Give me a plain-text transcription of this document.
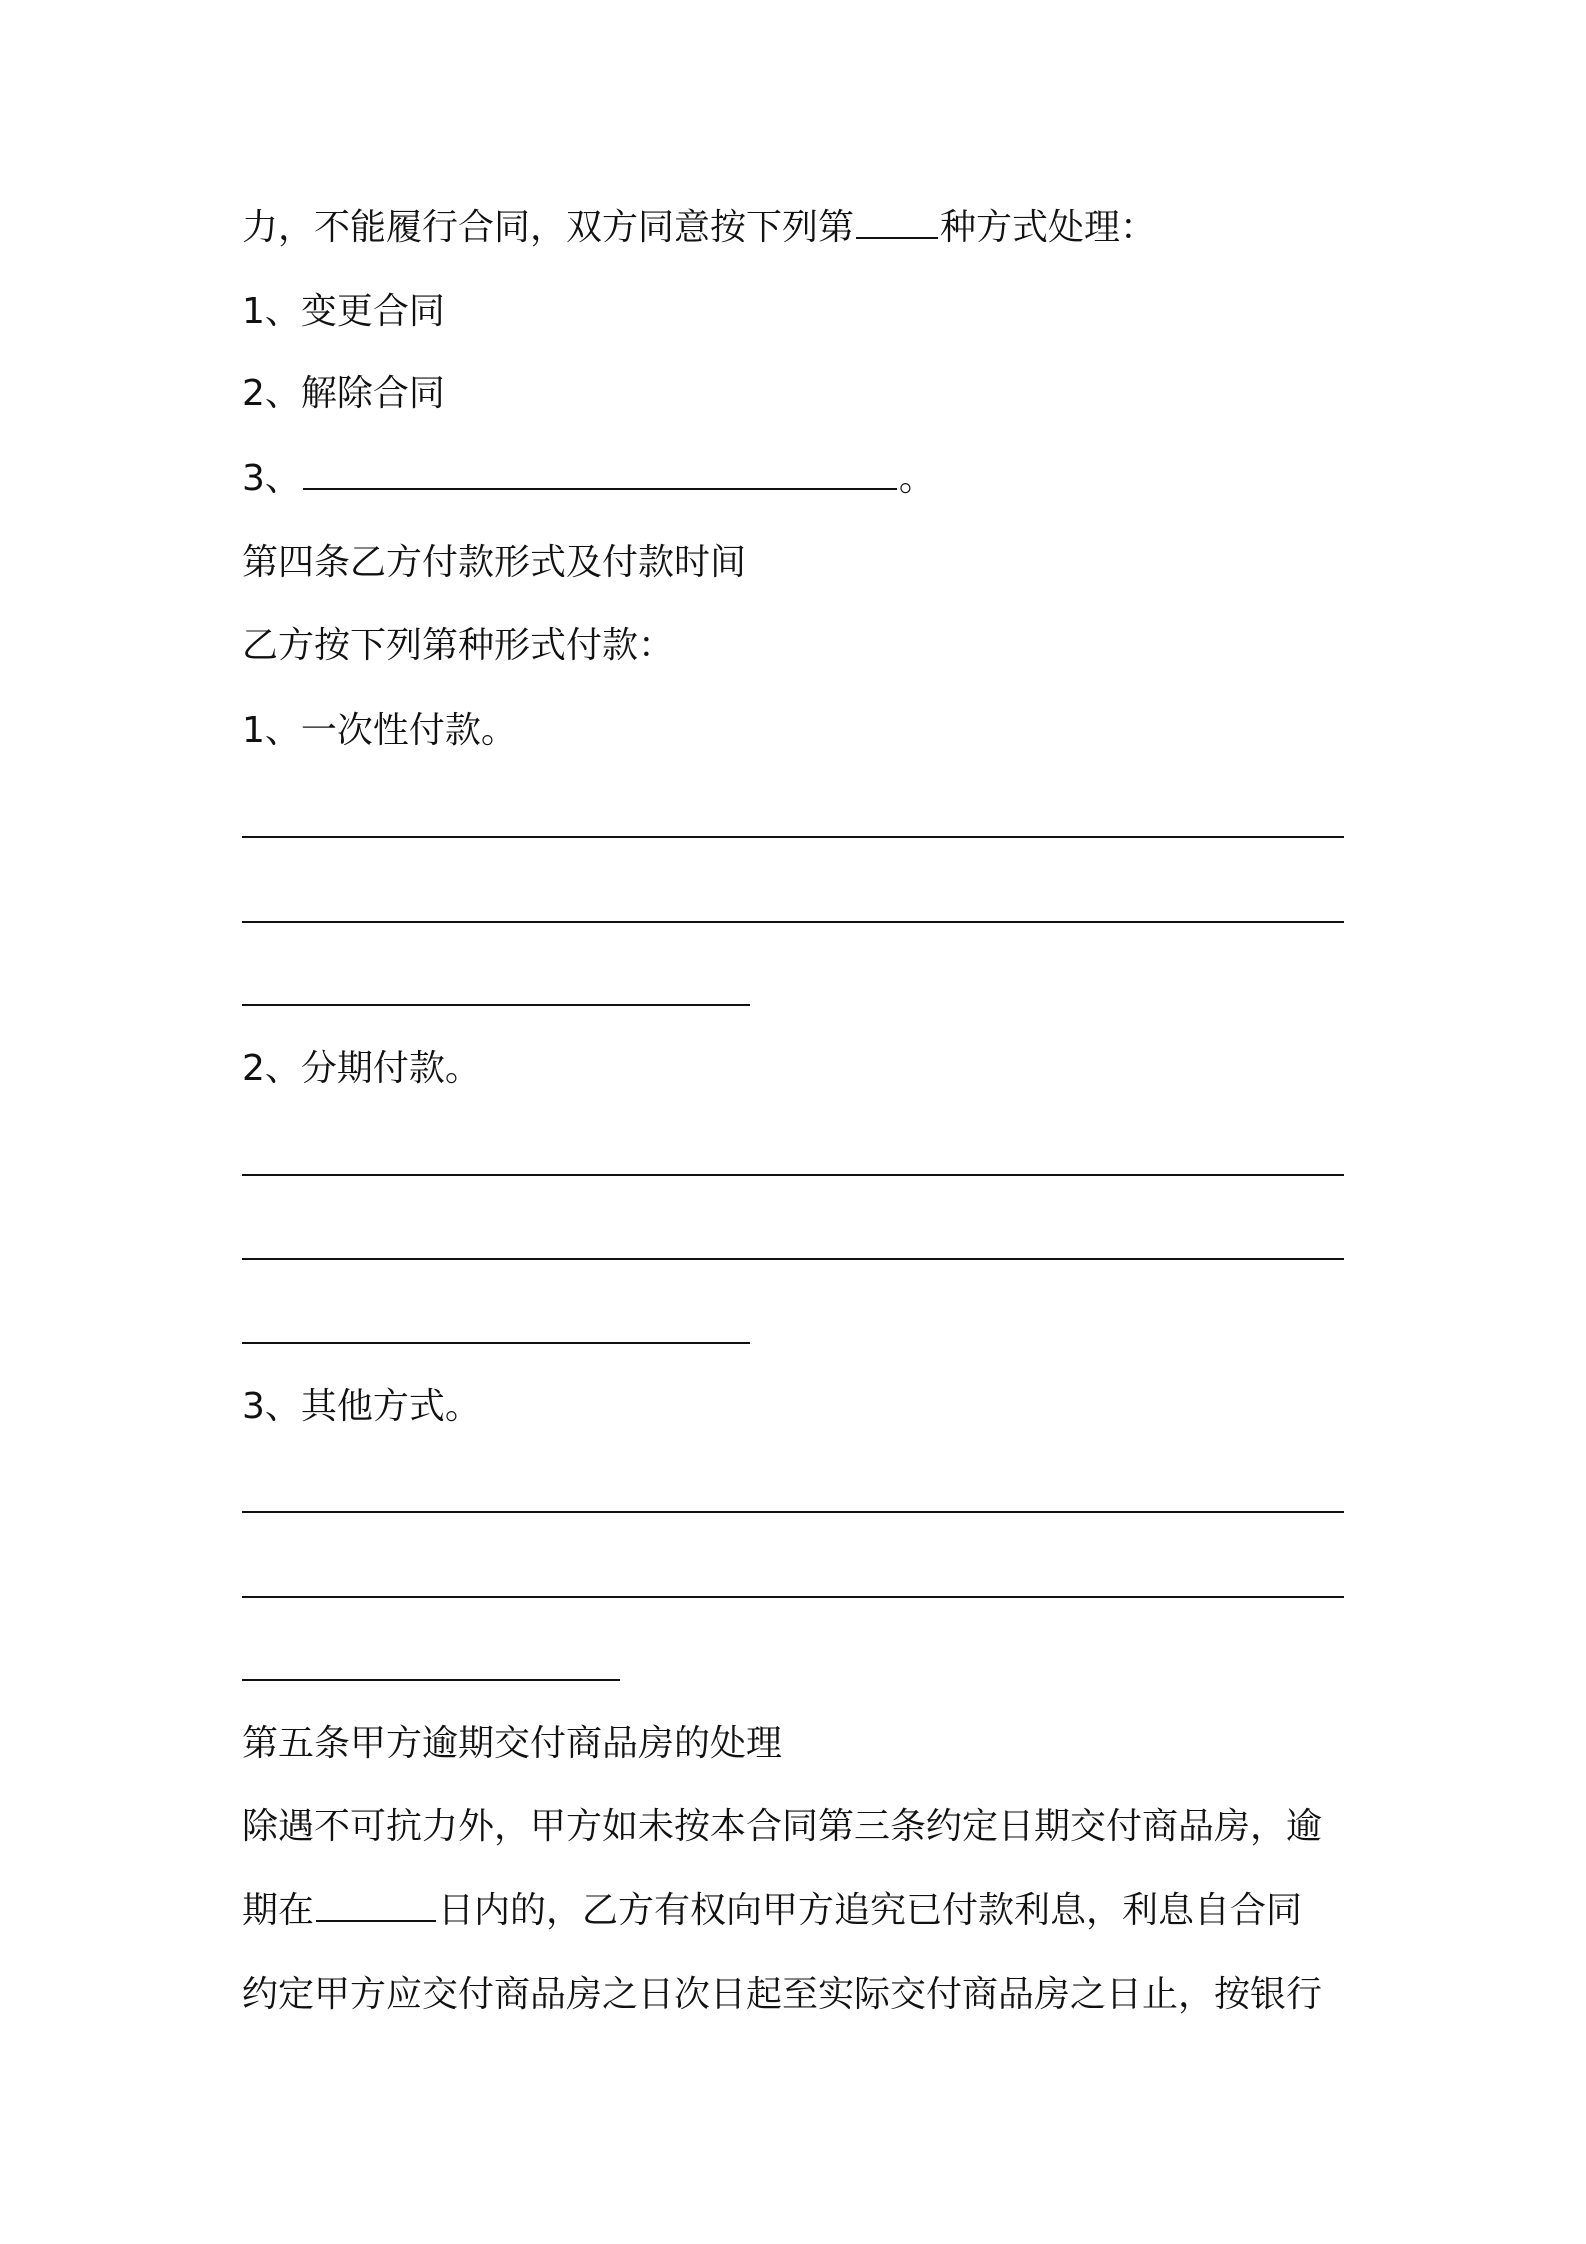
力，不能履行合同，双方同意按下列第 种方式处理：

1、变更合同

2、解除合同

3、	。

第四条乙方付款形式及付款时间

乙方按下列第种形式付款：

1、一次性付款。

2、分期付款。

3、其他方式。

第五条甲方逾期交付商品房的处理

除遇不可抗力外，甲方如未按本合同第三条约定日期交付商品房，逾

期在	日内的，乙方有权向甲方追究已付款利息，利息自合同

约定甲方应交付商品房之日次日起至实际交付商品房之日止，按银行
